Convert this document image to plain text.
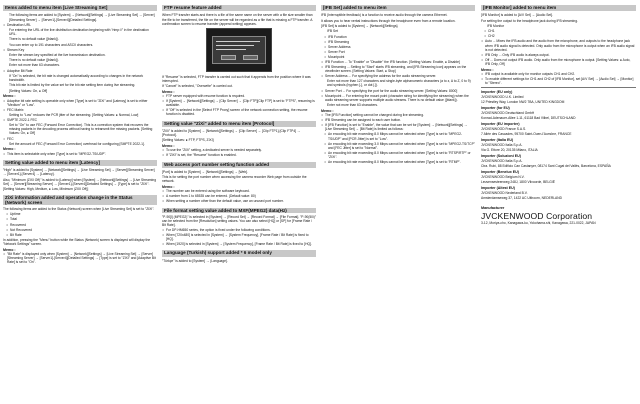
Items added to menu item [Live Streaming Set]

The following items are added to [System] → [Network][Settings] → [Live Streaming Set] → [Server][Streaming Server] → [Server1]-[Server4][Detailed Settings].

• Destination URL

For entering the URL of the live distribution destination beginning with "rtmp://" in the destination URL.

There is no default value ([blank]).

You can enter up to 191 characters and ASCII characters.

• Stream Key

Enter the stream key specified at the live transmission destination.

There is no default value ([blank]).

Enter not more than 63 characters.

• Adaptive Bit Rate

If "On" is selected, the bit rate is changed automatically according to changes in the network bandwidth.

This bit rate is limited by the value set for the bit rate setting item during live streaming.

[Setting Values: On, ● Off]

Memo :
• Adaptive bit rate setting is operable only when [Type] is set to "ZiXi" and [Latency] is set to either "Medium" or "Low".
• FEC Matrix

Setting to "Low" reduces the PCR jitter of live streaming. [Setting Values: ● Normal, Low]

• SMPTE 2022-1 FEC

Set to "On" to use FEC (Forward Error Correction). This is a correction system that recovers the missing packets in the decoding process without having to retransmit the missing packets. [Setting Values: On, ● Off]

• FEC

Set the amount of FEC (Forward Error Correction) overhead for configuring [SMPTE 2022-1].

Memo :
• This item is selectable only when [Type] is set to "MPEG2-TS/UDP".
Setting value added to menu item [Latency]

"High" is added to [System] → [Network][Settings] → [Live Streaming Set] → [Server][Streaming Server] → [Server1]-[Server4] → [Latency].

Also, "Minimum (ZIXI Off)" is added to [Latency] when [System] → [Network][Settings] → [Live Streaming Set] → [Server][Streaming Server] → [Server1]-[Server4][Detailed Settings] → [Type] is set to "ZIXI".

[Setting Values: High, Medium, ● Low, Minimum (ZIXI Off)]

ZiXi information added and operation change in the Status (Network) screen

The following items are added to the Status (Network) screen when [Live Streaming Set] is set to "ZIXI".

• Uptime
• Total
• Recovered
• Not Recovered
• Bit Rate

In addition, pressing the "Menu" button while the Status (Network) screen is displayed will display the "Network Settings" screen.

Memo :
• "Bit Rate" is displayed only when [System] → [Network][Settings] → [Live Streaming Set] → [Server][Streaming Server] → [Server1]-[Server4][Detailed Settings] → [Type] is set to "ZIXI" and [Adaptive Bit Rate] is set to "On".
FTP resume feature added

When FTP transfer starts and there is a file of the same name on the server with a file size smaller than the file to be transferred, the file on the server will be regarded as a file that is missing a FTP transfer. A confirmation screen to resume transfer (append writing) appears.

If "Resume" is selected, FTP transfer is carried out such that it appends from the position where it was interrupted.

If "Cancel" is selected, "Overwrite" is carried out.

Memo :
• FTP server equipped with resume function is required.
• If [System] → [Network][Settings] → [Clip Server] → [Clip FTP][Clip FTP] is set to "FTPS", resuming is available.
• If "Off" is selected in the [Select FTP Proxy] screen of the network connection setting, the resume function is disabled.
Setting value "ZiXi" added to menu item [Protocol]

"ZiXi" is added to [System] → [Network][Settings] → [Clip Server] → [Clip FTP1]-[Clip FTP4] → [Protocol].

[Setting Values: ● FTP, FTPS, ZIXI]

Memo :
• To use the "ZiXi" setting, a dedicated server is needed separately.
• If "ZiXi" is set, the "Resume" function is enabled.
Web access port number setting function added

[Port] is added to [System] → [Network][Settings] → [Web].

This is for setting the port number when accessing the camera recorder Web page from outside the network.

Memo :
• The number can be entered using the software keyboard.
• A number from 1 to 65535 can be entered. (Default value: 80)
• When setting a number other than the default value, use an unused port number.
File format setting value added to MXF(MPEG2) data(Hz)

"P-90[l] (MPEG2)" is selected in [System] → [Record Set] → [Record Format] → [File Format]. "P-90(50i)" can be selected from the [Resolution] setting values. You can also select [HQ] or [SP] for [Frame Rate / Bit Rate].

• For DP-HM650 series, the option is fixed under the following conditions.
• When [720x480] is selected in [System] → [System Frequency], [Frame Rate / Bit Rate] is fixed to [HQ].
• When [1920] is selected in [System] → [System Frequency], [Frame Rate / Bit Rate] is fixed to [HQ].
Language (Turkish) support added * 6 model only

"Türkçe" is added to [System] → [Language].

[IFB Set] added to menu item

IFB (Interruptible feedback) is a function to receive audio through the camera Ethernet.

It allows you to hear verbal instructions through the headphone even from a remote location.

[IFB Set] is added to [System] → [Network][Settings].

IFB Set

• IFB Function
• IFB Streaming
• Server Address
• Server Port
• Mountpoint
• IFB Function ... To "Enable" or "Disable" the IFB function. [Setting Values: Enable, ● Disable]
• IFB Streaming ... Setting to "Start" starts IFB streaming, and [IFB Streaming icon] appears on the viewfinder screen. [Setting Values: Start, ● Stop]
• Server Address ... For specifying the address for the audio streaming server.

Enter not more than 127 characters and single-byte alphanumeric characters (a to z, A to Z, 0 to 9) and symbols (hyphen [-], or dot [.]).

• Server Port ... For specifying the port for the audio streaming server. [Setting Values: 8000]
• Mountpoint ... For entering the mount point (character string for identifying the streaming) when the audio streaming server supports multiple audio streams. There is no default value ([blank]).

Enter not more than 63 characters.

Memo :
• The [IFB Function] setting cannot be changed during live streaming.
• IFB Streaming can be assigned to each user button.
• If [IFB Function] is set to "Enable", the value that can be set for [System] → [Network][Settings] → [Live Streaming Set] → [Bit Rate] is limited as follows:
• An encoding bit rate exceeding 8.0 Mbps cannot be selected when [Type] is set to "MPEG2-TS/UDP" and [PCR Jitter] is set to "Low".
• An encoding bit rate exceeding 3.0 Mbps cannot be selected when [Type] is set to "MPEG2-TS/TCP" and [FEC Jitter] is set to "Normal".
• An encoding bit rate exceeding 8.0 Mbps cannot be selected when [Type] is set to "RTSP/RTP" or "ZIXI".
• An encoding bit rate exceeding 8.0 Mbps cannot be selected when [Type] is set to "RTMP".
[IFB Monitor] added to menu item

[IFB Monitor] is added to [A/V Set] → [Audio Set].

For setting the output to the headphone jack during IFB streaming.

IFB Monitor

• CH1
• CH2
• Auto ... Mixes the IFB audio and the audio from the microphone, and outputs to the headphone jack when IFB audio signal is detected. Only audio from the microphone is output when an IFB audio signal is not detected.
• IFB Only ... Only IFB audio is always output.
• Off ... Does not output IFB audio. Only audio from the microphone is output. [Setting Values: ● Auto, IFB Only, Off]
Memo :
• IFB output is available only for monitor outputs CH1 and CH2.
• To enable different settings for CH1 and CH2 of [IFB Monitor], set [A/V Set] → [Audio Set] → [Monitor] to "Stereo".
Importer (EU only)

JVCKENWOOD U.K. Limited

12 Priestley Way, London NW2 7BA, UNITED KINGDOM

Importer (for EU)

JVCKENWOOD Deutschland GmbH

Konrad-Adenauer-Allee 1-11, 61118 Bad Vilbel, DEUTSCHLAND

Importer (EU importer)

JVCKENWOOD France S.A.S.

7 Allée des Cascades, 95700 Saint-Ouen-l'Aumône, FRANCE

Importer (Italia EU)

JVCKENWOOD Italia S.p.A.

Via G. Ettore 20, 20135 Milano, ITALIA

Importer (Soluzioni EU)

JVCKENWOOD Italia S.p.A.

Ctra. Rubí, 88 Edificio Can Castanyer, 08174 Sant Cugat del Vallès, Barcelona, ESPAÑA

Importer (Benelux EU)

JVCKENWOOD Belgium N.V.

Leuvensesteenweg 248J, 1800 Vilvoorde, BELGIË

Importer (Altest EU)

JVCKENWOOD Nederland B.V.

Amsterdamseweg 37, 1422 AC Uithoorn, NEDERLAND

Manufacturer
JVCKENWOOD Corporation

3-12, Moriya-cho, Kanagawa-ku, Yokohama-shi, Kanagawa, 221-0022, JAPAN
